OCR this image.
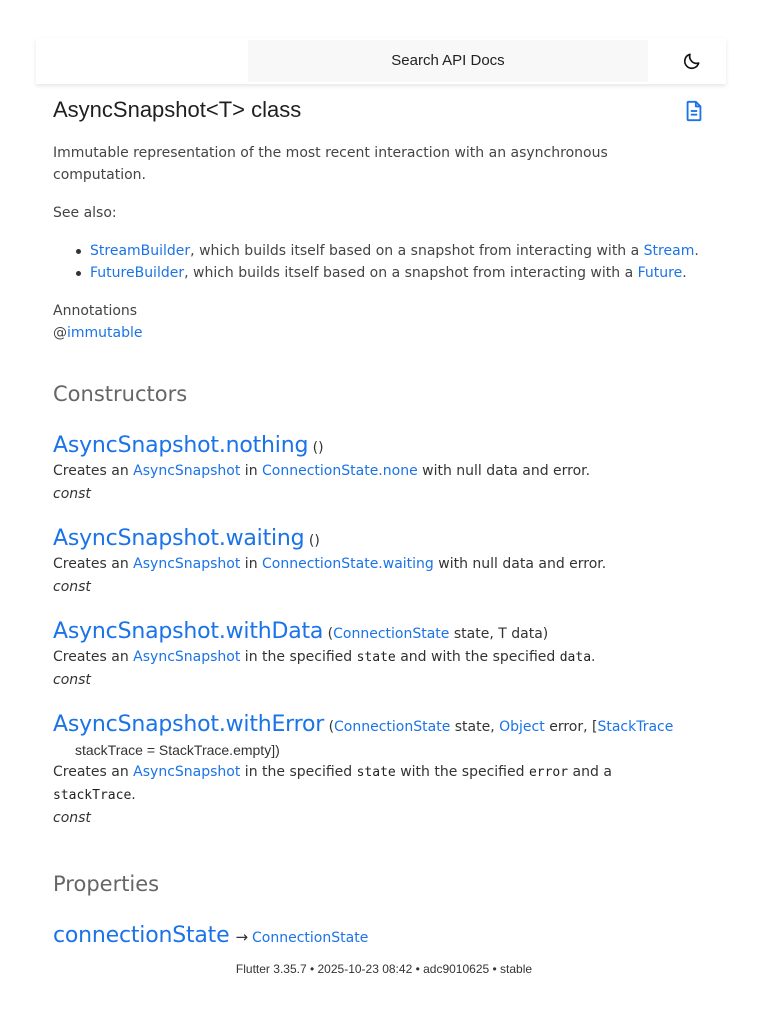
Search API Docs
AsyncSnapshot<T> class

Immutable representation of the most recent interaction with an asynchronous computation.

See also:

StreamBuilder, which builds itself based on a snapshot from interacting with a Stream.
FutureBuilder, which builds itself based on a snapshot from interacting with a Future.

Annotations

@immutable

Constructors
AsyncSnapshot.nothing ()
Creates an AsyncSnapshot in ConnectionState.none with null data and error.
const
AsyncSnapshot.waiting ()
Creates an AsyncSnapshot in ConnectionState.waiting with null data and error.
const
AsyncSnapshot.withData (ConnectionState state, T data)
Creates an AsyncSnapshot in the specified state and with the specified data.
const
AsyncSnapshot.withError (ConnectionState state, Object error, [StackTrace
stackTrace = StackTrace.empty])
Creates an AsyncSnapshot in the specified state with the specified error and a
stackTrace.
const
Properties
connectionState → ConnectionState
Flutter 3.35.7 • 2025-10-23 08:42 • adc9010625 • stable
